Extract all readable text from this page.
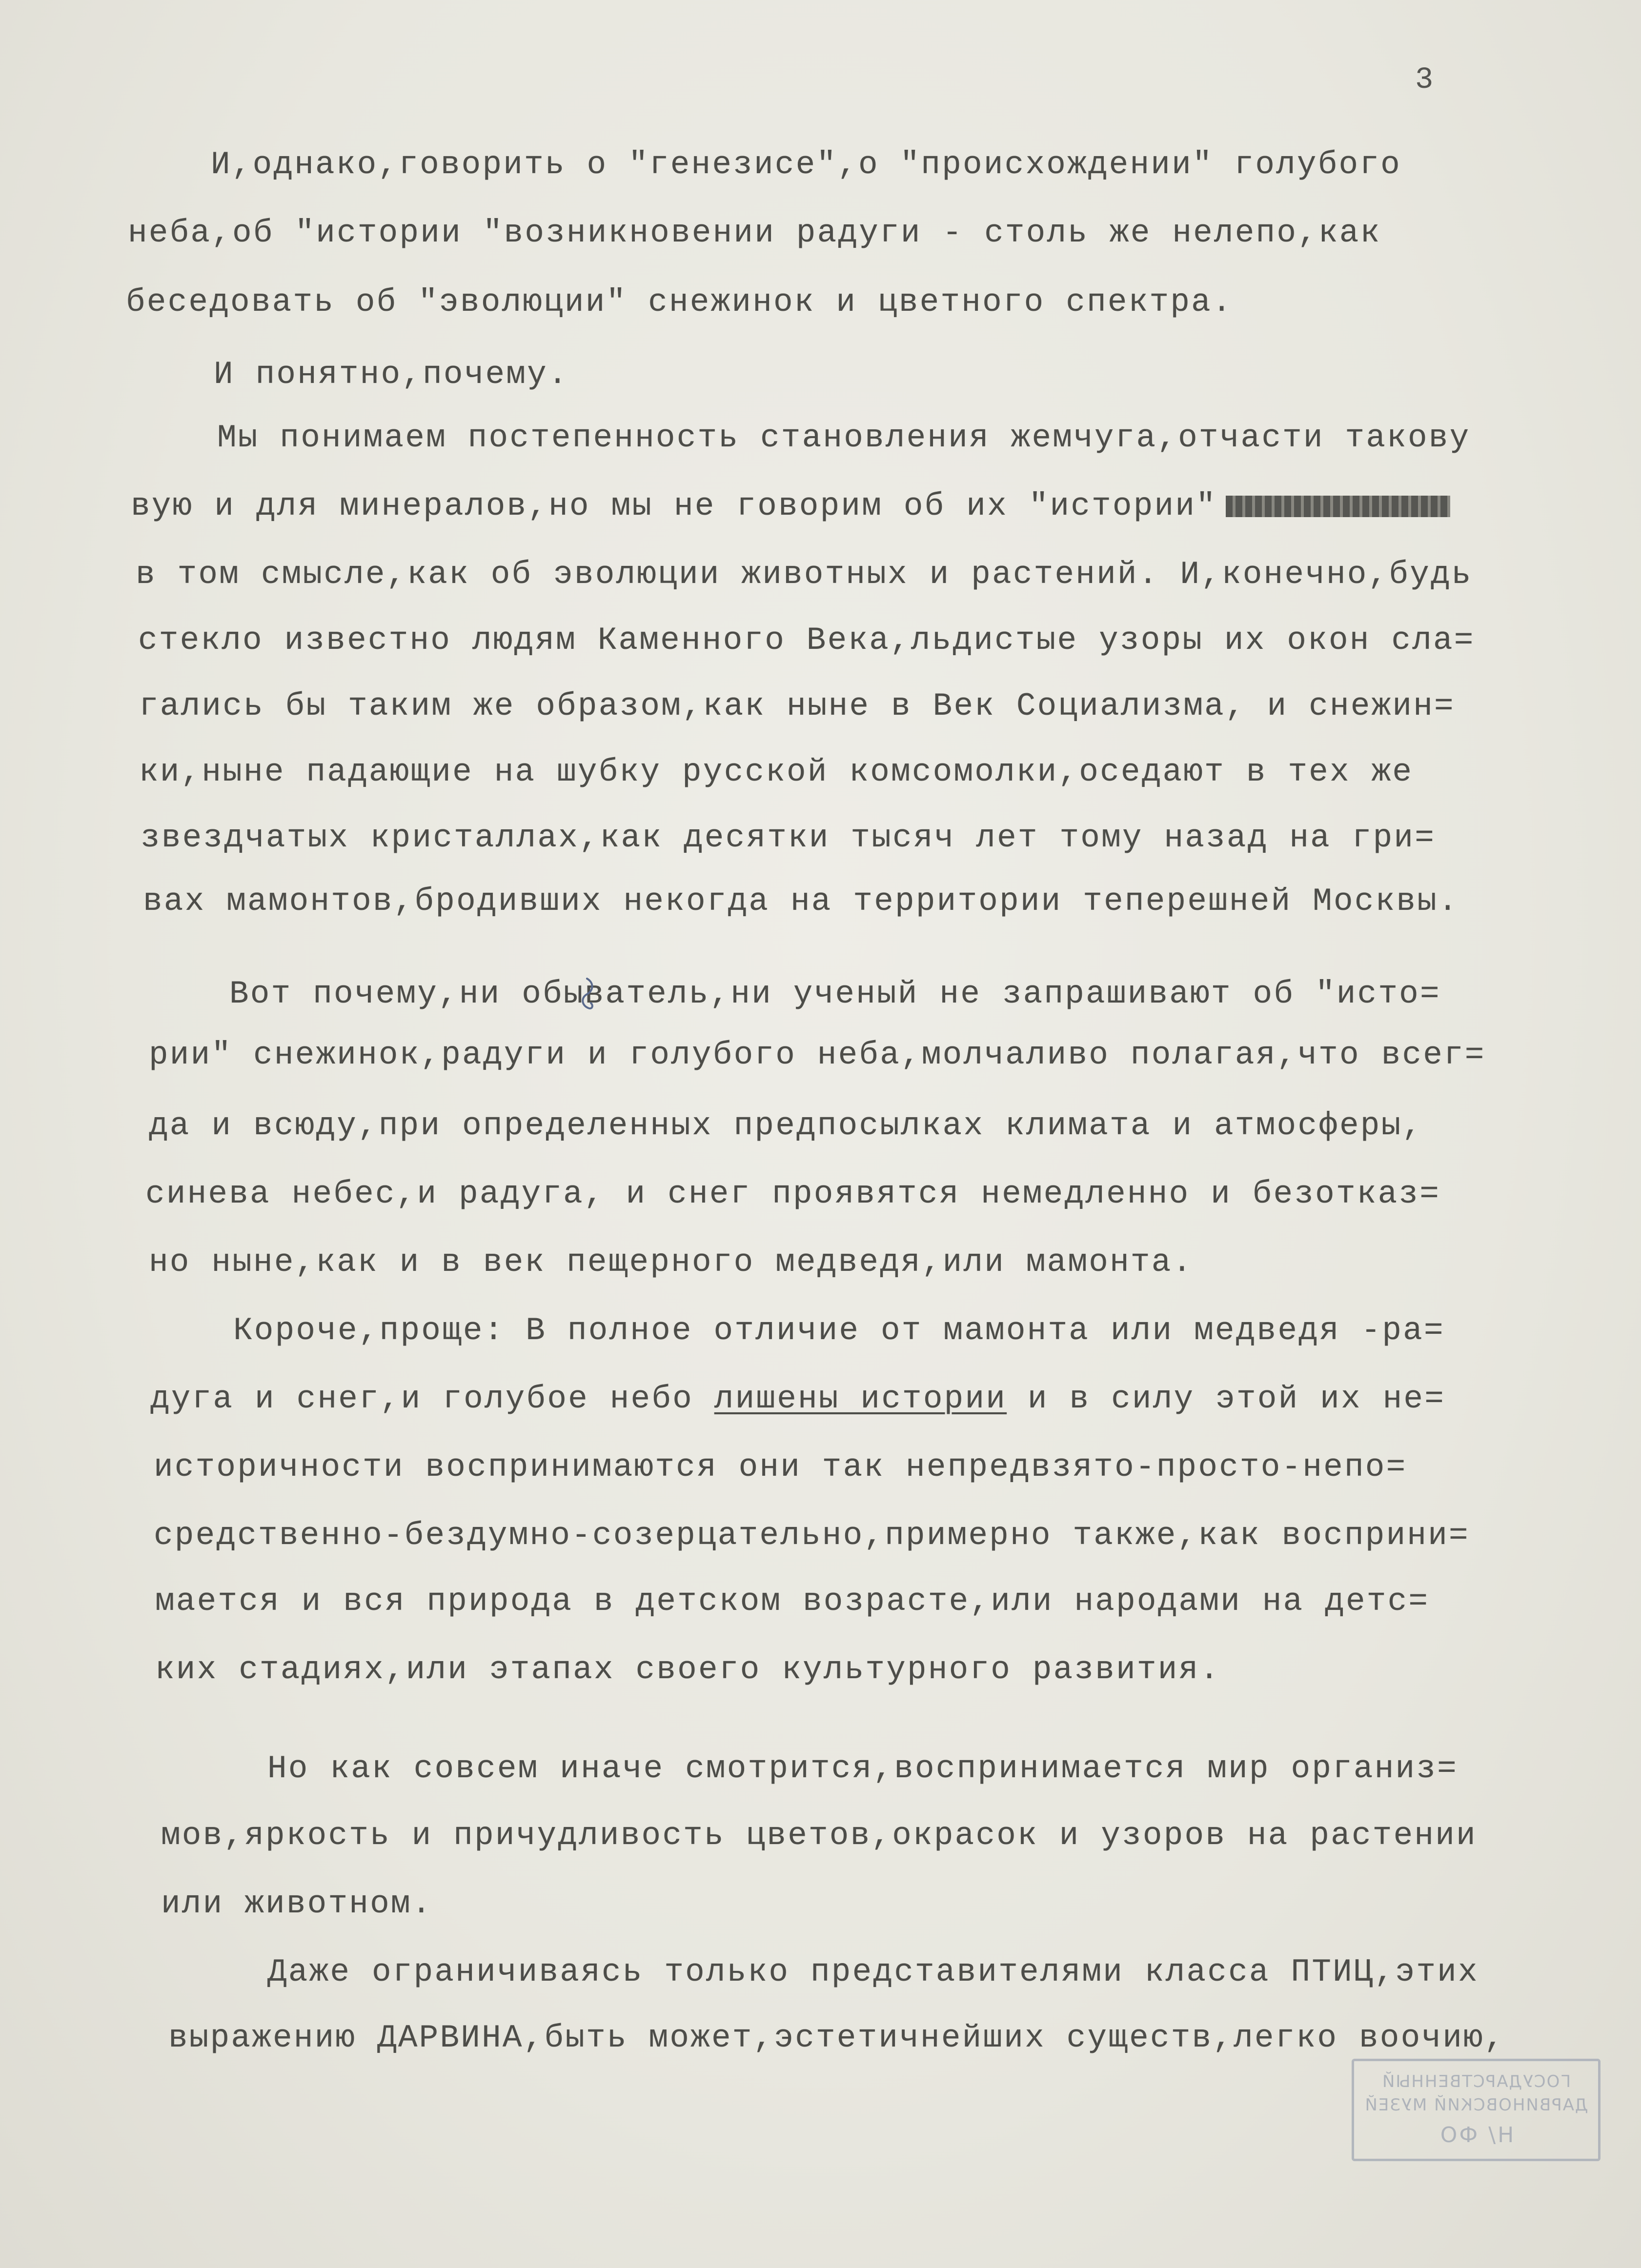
3
И,однако,говорить о "генезисе",о "происхождении" голубого
неба,об "истории "возникновении радуги - столь же нелепо,как
беседовать об "эволюции" снежинок и цветного спектра.
И понятно,почему.
Мы понимаем постепенность становления жемчуга,отчасти такову
вую и для минералов,но мы не говорим об их "истории"
в том смысле,как об эволюции животных и растений. И,конечно,будь
стекло известно людям Каменного Века,льдистые узоры их окон сла=
гались бы таким же образом,как ныне в Век Социализма, и снежин=
ки,ныне падающие на шубку русской комсомолки,оседают в тех же
звездчатых кристаллах,как десятки тысяч лет тому назад на гри=
вах мамонтов,бродивших некогда на территории теперешней Москвы.
Вот почему,ни обыватель,ни ученый не запрашивают об "исто=
рии" снежинок,радуги и голубого неба,молчаливо полагая,что всег=
да и всюду,при определенных предпосылках климата и атмосферы,
синева небес,и радуга, и снег проявятся немедленно и безотказ=
но ныне,как и в век пещерного медведя,или мамонта.
Короче,проще: В полное отличие от мамонта или медведя -ра=
дуга и снег,и голубое небо лишены истории и в силу этой их не=
историчности воспринимаются они так непредвзято-просто-непо=
средственно-бездумно-созерцательно,примерно также,как восприни=
мается и вся природа в детском возрасте,или народами на детс=
ких стадиях,или этапах своего культурного развития.
Но как совсем иначе смотрится,воспринимается мир организ=
мов,яркость и причудливость цветов,окрасок и узоров на растении
или животном.
Даже ограничиваясь только представителями класса ПТИЦ,этих
выражению ДАРВИНА,быть может,эстетичнейших существ,легко воочию,
ГОСУДАРСТВЕННЫЙ
ДАРВИНОВСКИЙ МУЗЕЙ
Н/ ФО
